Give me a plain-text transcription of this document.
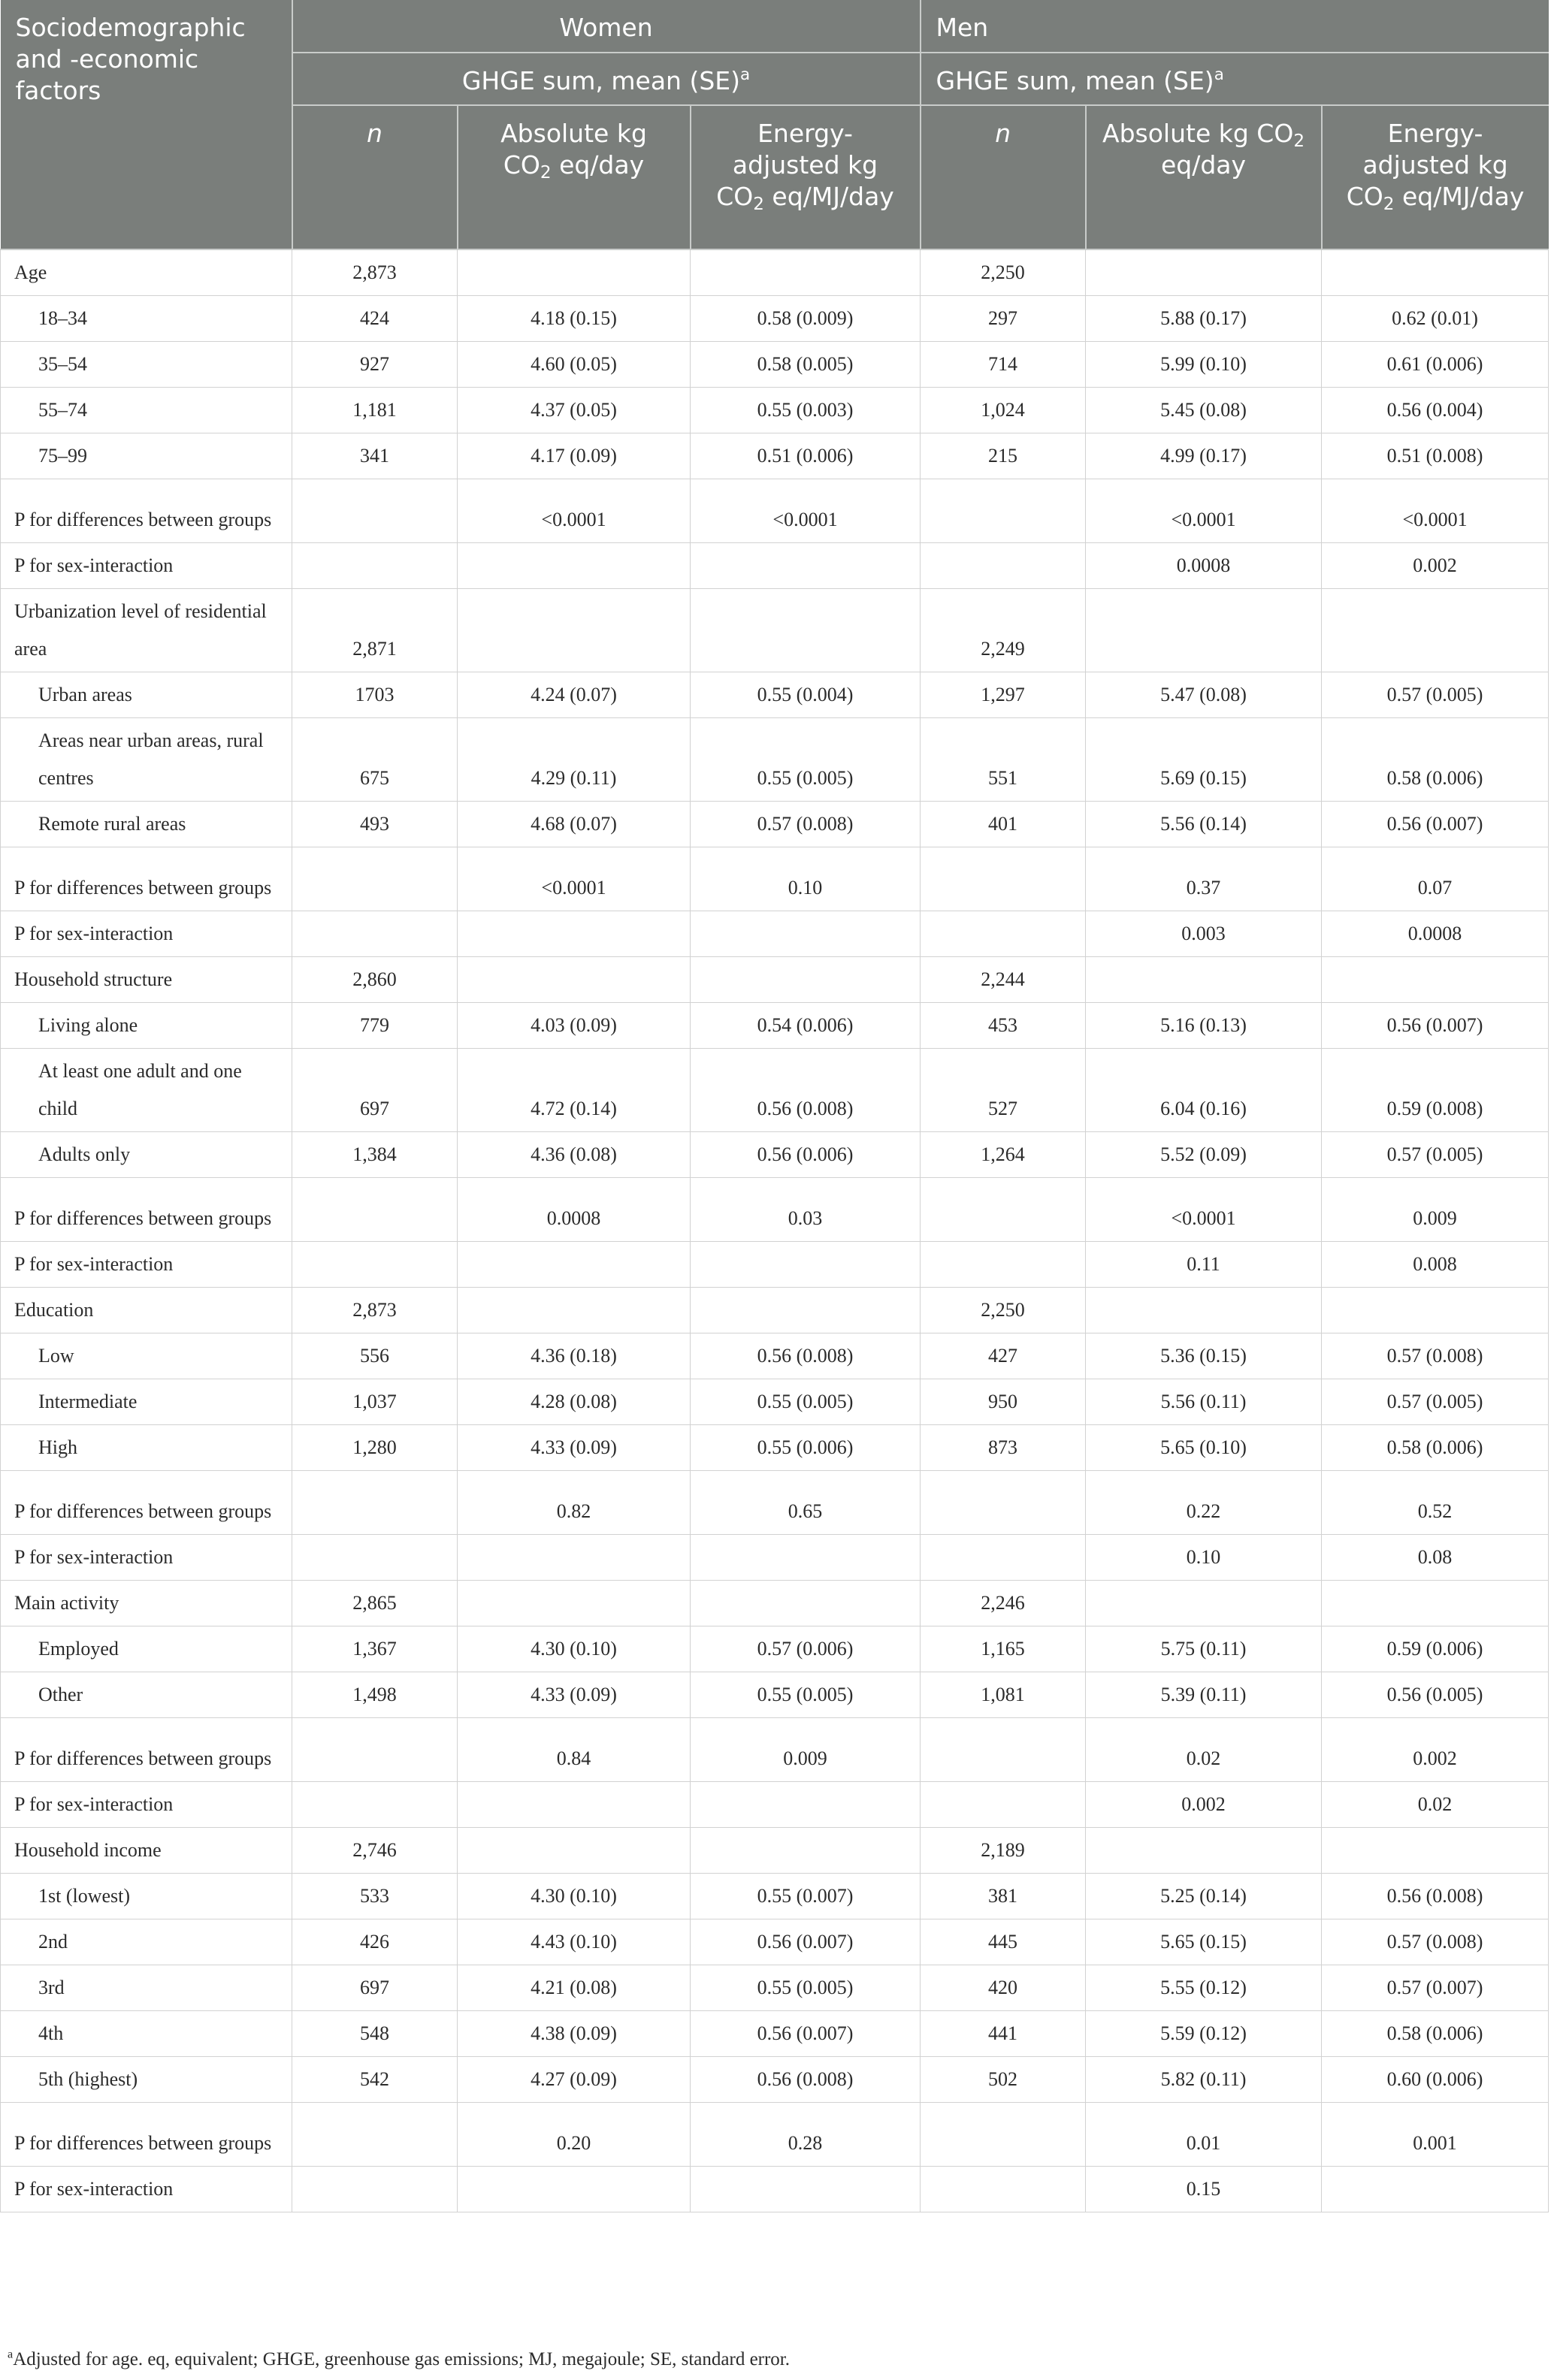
Sociodemographic and -economic factors	Women			Men		
	GHGE sum, mean (SE)$^a$			GHGE sum, mean (SE)$^a$
	n	Absolute kg $CO_2$ eq/day	Energy-adjusted kg $CO_2$ eq/MJ/day	n	Absolute kg $CO_2$ eq/day	Energy-adjusted kg $CO_2$ eq/MJ/day
Age	2,873			2,250		
18–34	424	4.18 (0.15)	0.58 (0.009)	297	5.88 (0.17)	0.62 (0.01)
35–54	927	4.60 (0.05)	0.58 (0.005)	714	5.99 (0.10)	0.61 (0.006)
55–74	1,181	4.37 (0.05)	0.55 (0.003)	1,024	5.45 (0.08)	0.56 (0.004)
75–99	341	4.17 (0.09)	0.51 (0.006)	215	4.99 (0.17)	0.51 (0.008)
P for differences between groups		<0.0001	<0.0001		<0.0001	<0.0001
P for sex-interaction					0.0008	0.002
Urbanization level of residential area	2,871			2,249		
Urban areas	1703	4.24 (0.07)	0.55 (0.004)	1,297	5.47 (0.08)	0.57 (0.005)
Areas near urban areas, rural centres	675	4.29 (0.11)	0.55 (0.005)	551	5.69 (0.15)	0.58 (0.006)
Remote rural areas	493	4.68 (0.07)	0.57 (0.008)	401	5.56 (0.14)	0.56 (0.007)
P for differences between groups		<0.0001	0.10		0.37	0.07
P for sex-interaction					0.003	0.0008
Household structure	2,860			2,244		
Living alone	779	4.03 (0.09)	0.54 (0.006)	453	5.16 (0.13)	0.56 (0.007)
At least one adult and one child	697	4.72 (0.14)	0.56 (0.008)	527	6.04 (0.16)	0.59 (0.008)
Adults only	1,384	4.36 (0.08)	0.56 (0.006)	1,264	5.52 (0.09)	0.57 (0.005)
P for differences between groups		0.0008	0.03		<0.0001	0.009
P for sex-interaction					0.11	0.008
Education	2,873			2,250		
Low	556	4.36 (0.18)	0.56 (0.008)	427	5.36 (0.15)	0.57 (0.008)
Intermediate	1,037	4.28 (0.08)	0.55 (0.005)	950	5.56 (0.11)	0.57 (0.005)
High	1,280	4.33 (0.09)	0.55 (0.006)	873	5.65 (0.10)	0.58 (0.006)
P for differences between groups		0.82	0.65		0.22	0.52
P for sex-interaction					0.10	0.08
Main activity	2,865			2,246		
Employed	1,367	4.30 (0.10)	0.57 (0.006)	1,165	5.75 (0.11)	0.59 (0.006)
Other	1,498	4.33 (0.09)	0.55 (0.005)	1,081	5.39 (0.11)	0.56 (0.005)
P for differences between groups		0.84	0.009		0.02	0.002
P for sex-interaction					0.002	0.02
Household income	2,746			2,189		
1st (lowest)	533	4.30 (0.10)	0.55 (0.007)	381	5.25 (0.14)	0.56 (0.008)
2nd	426	4.43 (0.10)	0.56 (0.007)	445	5.65 (0.15)	0.57 (0.008)
3rd	697	4.21 (0.08)	0.55 (0.005)	420	5.55 (0.12)	0.57 (0.007)
4th	548	4.38 (0.09)	0.56 (0.007)	441	5.59 (0.12)	0.58 (0.006)
5th (highest)	542	4.27 (0.09)	0.56 (0.008)	502	5.82 (0.11)	0.60 (0.006)
P for differences between groups		0.20	0.28		0.01	0.001
P for sex-interaction					0.15	
$^a$Adjusted for age. eq, equivalent; GHGE, greenhouse gas emissions; MJ, megajoule; SE, standard error.
